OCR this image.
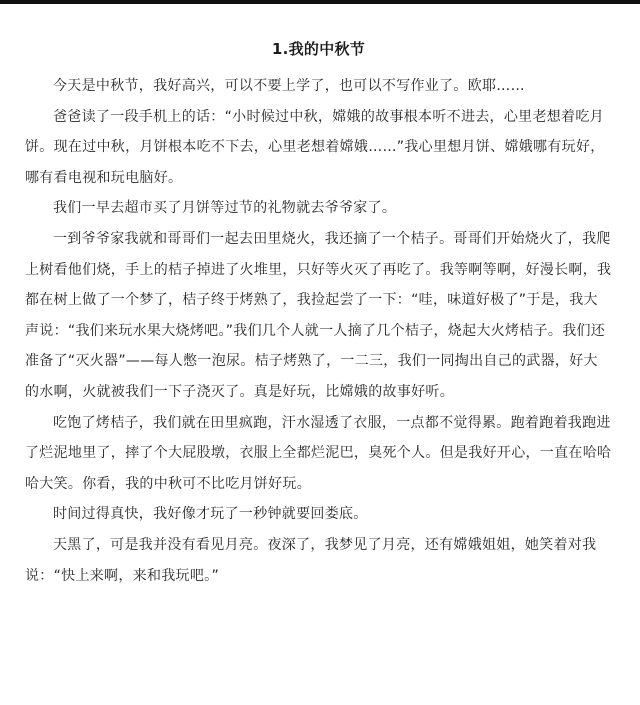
1.我的中秋节

今天是中秋节，我好高兴，可以不要上学了，也可以不写作业了。欧耶……

爸爸读了一段手机上的话：“小时候过中秋，嫦娥的故事根本听不进去，心里老想着吃月饼。现在过中秋，月饼根本吃不下去，心里老想着嫦娥……”我心里想月饼、嫦娥哪有玩好，哪有看电视和玩电脑好。

我们一早去超市买了月饼等过节的礼物就去爷爷家了。

一到爷爷家我就和哥哥们一起去田里烧火，我还摘了一个桔子。哥哥们开始烧火了，我爬上树看他们烧，手上的桔子掉进了火堆里，只好等火灭了再吃了。我等啊等啊，好漫长啊，我都在树上做了一个梦了，桔子终于烤熟了，我捡起尝了一下：“哇，味道好极了”于是，我大声说：“我们来玩水果大烧烤吧。”我们几个人就一人摘了几个桔子，烧起大火烤桔子。我们还准备了“灭火器”——每人憋一泡尿。桔子烤熟了，一二三，我们一同掏出自己的武器，好大的水啊，火就被我们一下子浇灭了。真是好玩，比嫦娥的故事好听。

吃饱了烤桔子，我们就在田里疯跑，汗水湿透了衣服，一点都不觉得累。跑着跑着我跑进了烂泥地里了，摔了个大屁股墩，衣服上全都烂泥巴，臭死个人。但是我好开心，一直在哈哈哈大笑。你看，我的中秋可不比吃月饼好玩。

时间过得真快，我好像才玩了一秒钟就要回娄底。

天黑了，可是我并没有看见月亮。夜深了，我梦见了月亮，还有嫦娥姐姐，她笑着对我说：“快上来啊，来和我玩吧。”
